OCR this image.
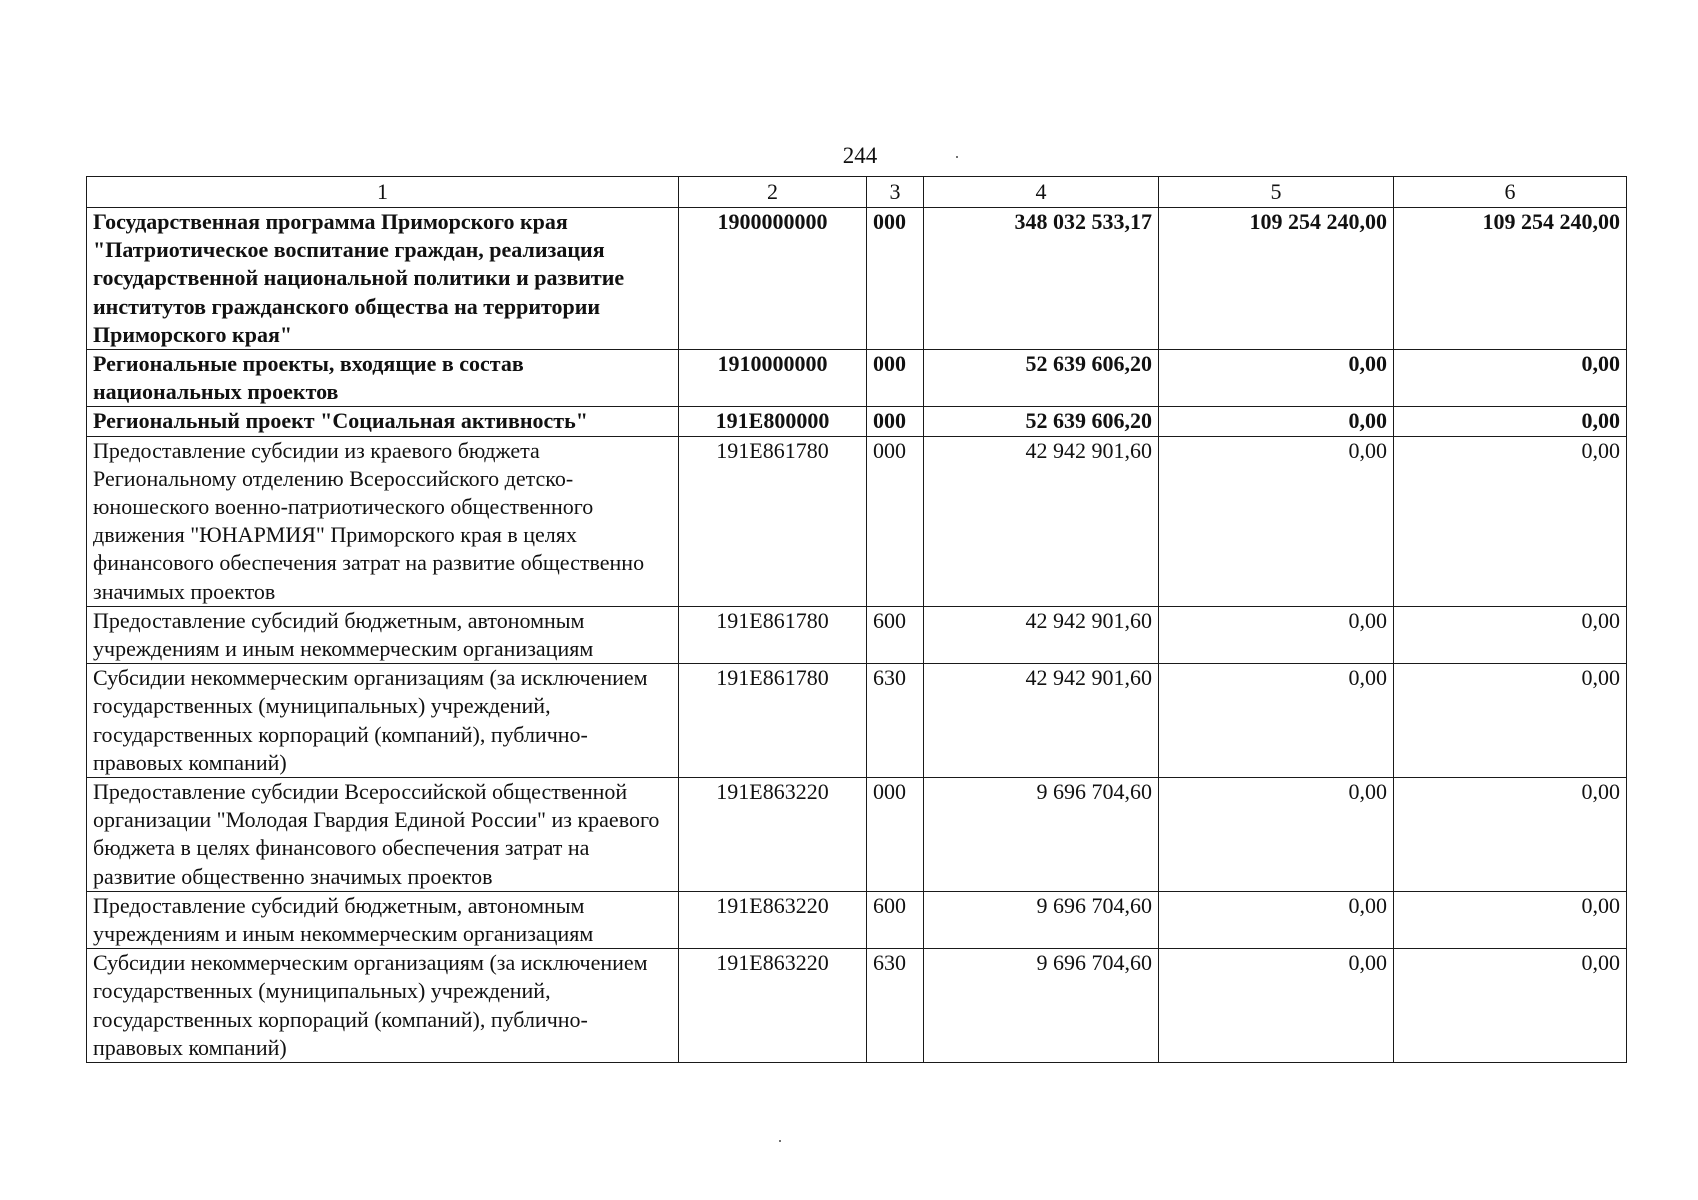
244
1	2	3	4	5	6
Государственная программа Приморского края "Патриотическое воспитание граждан, реализация государственной национальной политики и развитие институтов гражданского общества на территории Приморского края"	1900000000	000	348 032 533,17	109 254 240,00	109 254 240,00
Региональные проекты, входящие в состав национальных проектов	1910000000	000	52 639 606,20	0,00	0,00
Региональный проект "Социальная активность"	191E800000	000	52 639 606,20	0,00	0,00
Предоставление субсидии из краевого бюджета Региональному отделению Всероссийского детско-юношеского военно-патриотического общественного движения "ЮНАРМИЯ" Приморского края в целях финансового обеспечения затрат на развитие общественно значимых проектов	191E861780	000	42 942 901,60	0,00	0,00
Предоставление субсидий бюджетным, автономным учреждениям и иным некоммерческим организациям	191E861780	600	42 942 901,60	0,00	0,00
Субсидии некоммерческим организациям (за исключением государственных (муниципальных) учреждений, государственных корпораций (компаний), публично-правовых компаний)	191E861780	630	42 942 901,60	0,00	0,00
Предоставление субсидии Всероссийской общественной организации "Молодая Гвардия Единой России" из краевого бюджета в целях финансового обеспечения затрат на развитие общественно значимых проектов	191E863220	000	9 696 704,60	0,00	0,00
Предоставление субсидий бюджетным, автономным учреждениям и иным некоммерческим организациям	191E863220	600	9 696 704,60	0,00	0,00
Субсидии некоммерческим организациям (за исключением государственных (муниципальных) учреждений, государственных корпораций (компаний), публично-правовых компаний)	191E863220	630	9 696 704,60	0,00	0,00
